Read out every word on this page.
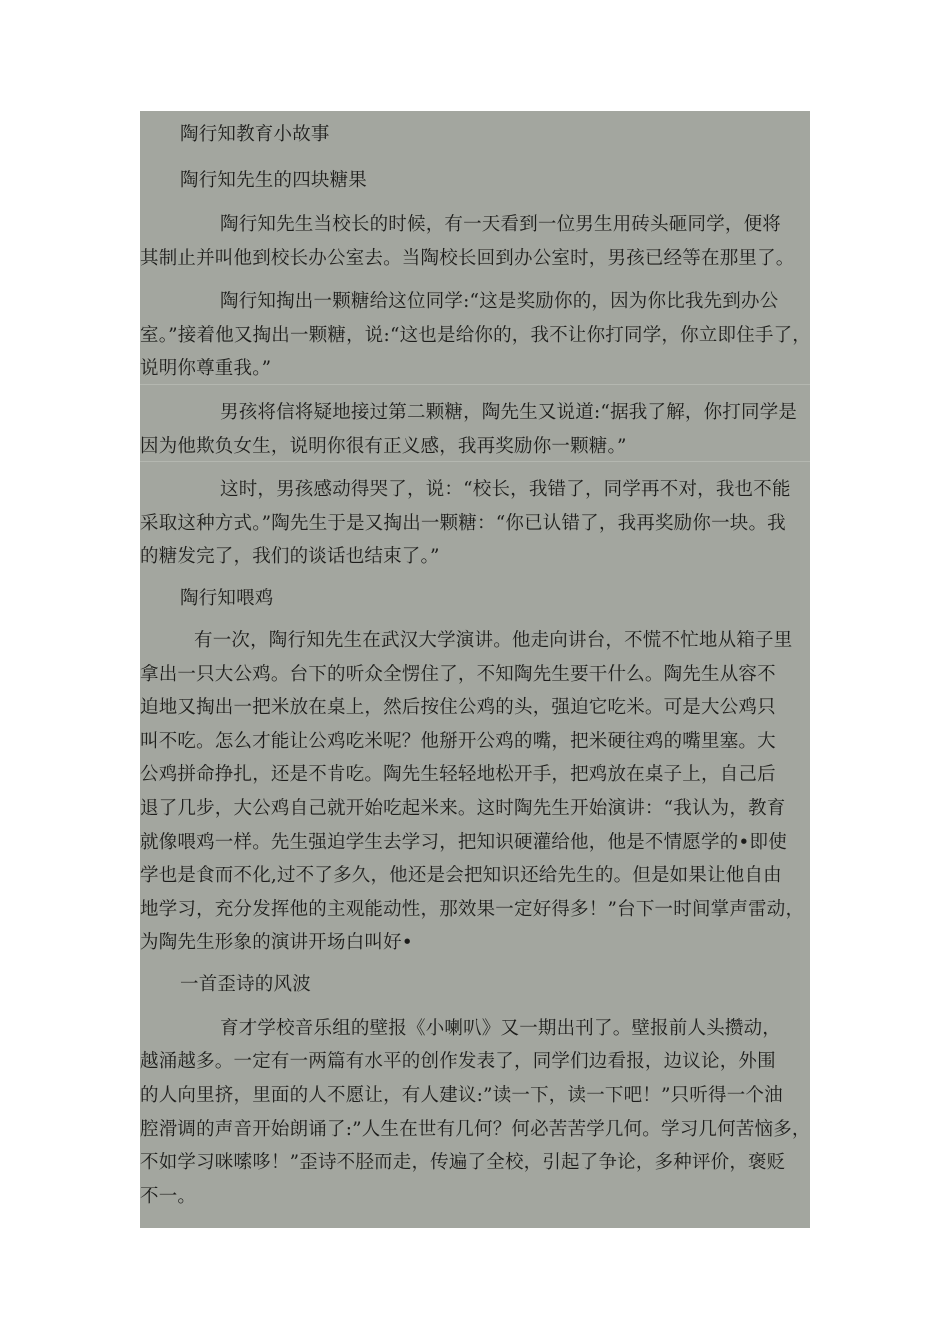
陶行知教育小故事
陶行知先生的四块糖果

陶行知先生当校长的时候，有一天看到一位男生用砖头砸同学，便将
其制止并叫他到校长办公室去。当陶校长回到办公室时，男孩已经等在那里了。

陶行知掏出一颗糖给这位同学:“这是奖励你的，因为你比我先到办公
室。”接着他又掏出一颗糖，说:“这也是给你的，我不让你打同学，你立即住手了，
说明你尊重我。”

男孩将信将疑地接过第二颗糖，陶先生又说道:“据我了解，你打同学是
因为他欺负女生，说明你很有正义感，我再奖励你一颗糖。”

这时，男孩感动得哭了，说：“校长，我错了，同学再不对，我也不能
采取这种方式。”陶先生于是又掏出一颗糖：“你已认错了，我再奖励你一块。我
的糖发完了，我们的谈话也结束了。”

陶行知喂鸡

有一次，陶行知先生在武汉大学演讲。他走向讲台，不慌不忙地从箱子里
拿出一只大公鸡。台下的听众全愣住了，不知陶先生要干什么。陶先生从容不
迫地又掏出一把米放在桌上，然后按住公鸡的头，强迫它吃米。可是大公鸡只
叫不吃。怎么才能让公鸡吃米呢？他掰开公鸡的嘴，把米硬往鸡的嘴里塞。大
公鸡拼命挣扎，还是不肯吃。陶先生轻轻地松开手，把鸡放在桌子上，自己后
退了几步，大公鸡自己就开始吃起米来。这时陶先生开始演讲：“我认为，教育
就像喂鸡一样。先生强迫学生去学习，把知识硬灌给他，他是不情愿学的•即使
学也是食而不化,过不了多久，他还是会把知识还给先生的。但是如果让他自由
地学习，充分发挥他的主观能动性，那效果一定好得多！”台下一时间掌声雷动，
为陶先生形象的演讲开场白叫好•

一首歪诗的风波

育才学校音乐组的壁报《小喇叭》又一期出刊了。壁报前人头攒动，
越涌越多。一定有一两篇有水平的创作发表了，同学们边看报，边议论，外围
的人向里挤，里面的人不愿让，有人建议:”读一下，读一下吧！”只听得一个油
腔滑调的声音开始朗诵了:”人生在世有几何？何必苦苦学几何。学习几何苦恼多，
不如学习咪嗦哆！”歪诗不胫而走，传遍了全校，引起了争论，多种评价，褒贬
不一。
